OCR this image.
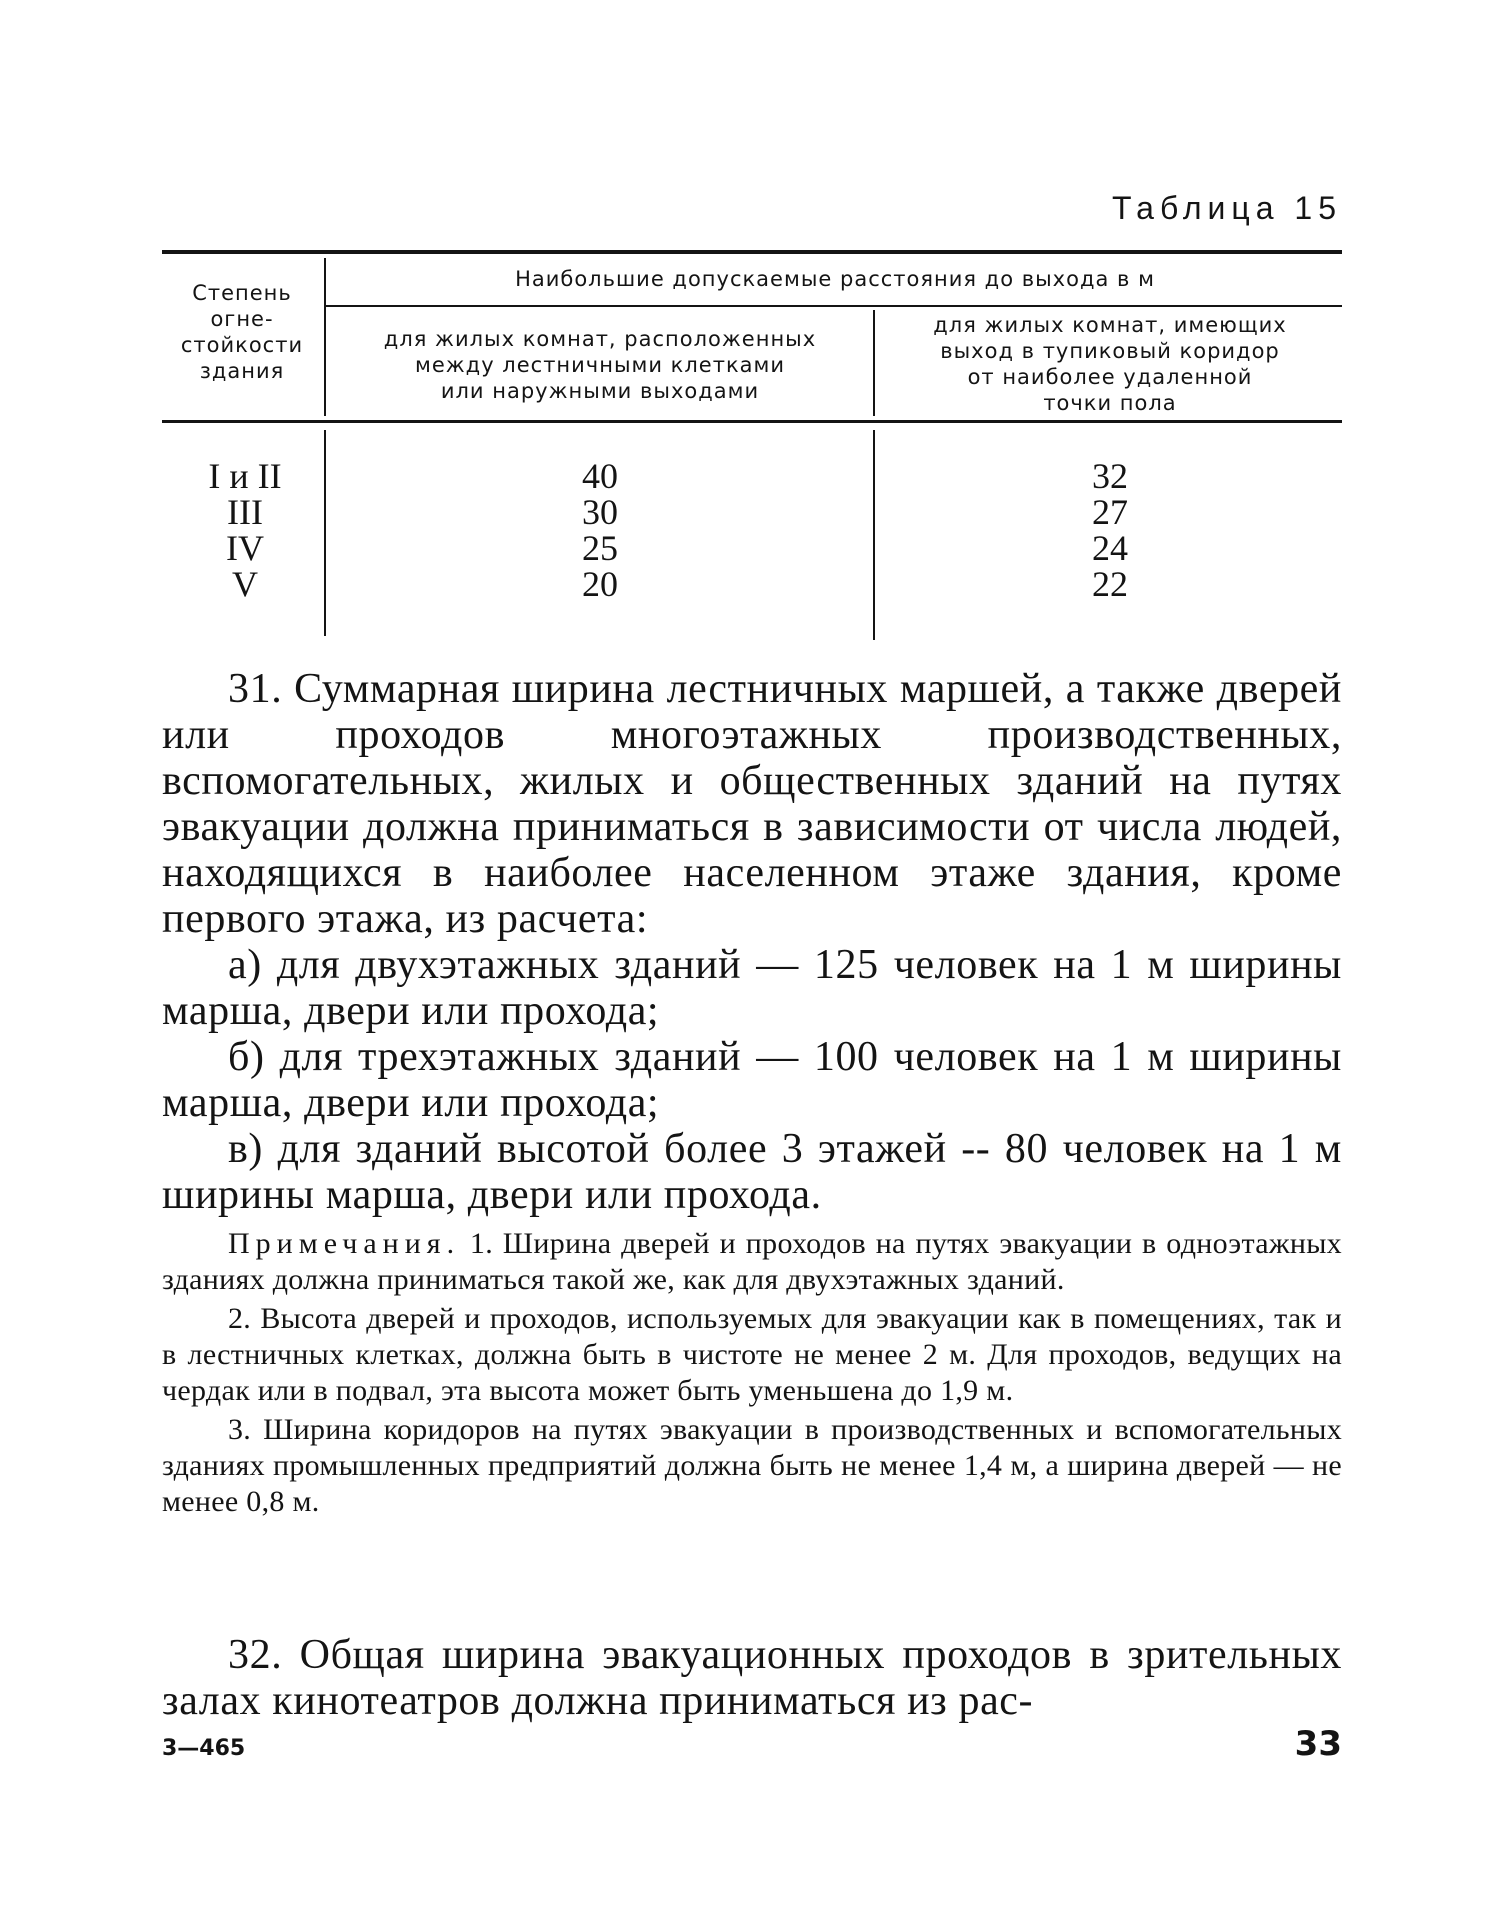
Таблица 15
Степень
огне-
стойкости
здания
Наибольшие допускаемые расстояния до выхода в м
для жилых комнат, расположенных
между лестничными клетками
или наружными выходами
для жилых комнат, имеющих
выход в тупиковый коридор
от наиболее удаленной
точки пола
I и II
III
IV
V
40
30
25
20
32
27
24
22

31. Суммарная ширина лестничных маршей, а также дверей или проходов многоэтажных производственных, вспомогательных, жилых и общественных зданий на путях эвакуации должна приниматься в зависимости от числа людей, находящихся в наиболее населенном этаже здания, кроме первого этажа, из расчета:

а) для двухэтажных зданий — 125 человек на 1 м ширины марша, двери или прохода;

б) для трехэтажных зданий — 100 человек на 1 м ширины марша, двери или прохода;

в) для зданий высотой более 3 этажей -- 80 человек на 1 м ширины марша, двери или прохода.

Примечания. 1. Ширина дверей и проходов на путях эвакуации в одноэтажных зданиях должна приниматься такой же, как для двухэтажных зданий.

2. Высота дверей и проходов, используемых для эвакуации как в помещениях, так и в лестничных клетках, должна быть в чистоте не менее 2 м. Для проходов, ведущих на чердак или в подвал, эта высота может быть уменьшена до 1,9 м.

3. Ширина коридоров на путях эвакуации в производственных и вспомогательных зданиях промышленных предприятий должна быть не менее 1,4 м, а ширина дверей — не менее 0,8 м.

32. Общая ширина эвакуационных проходов в зрительных залах кинотеатров должна приниматься из рас-

3—465	33
